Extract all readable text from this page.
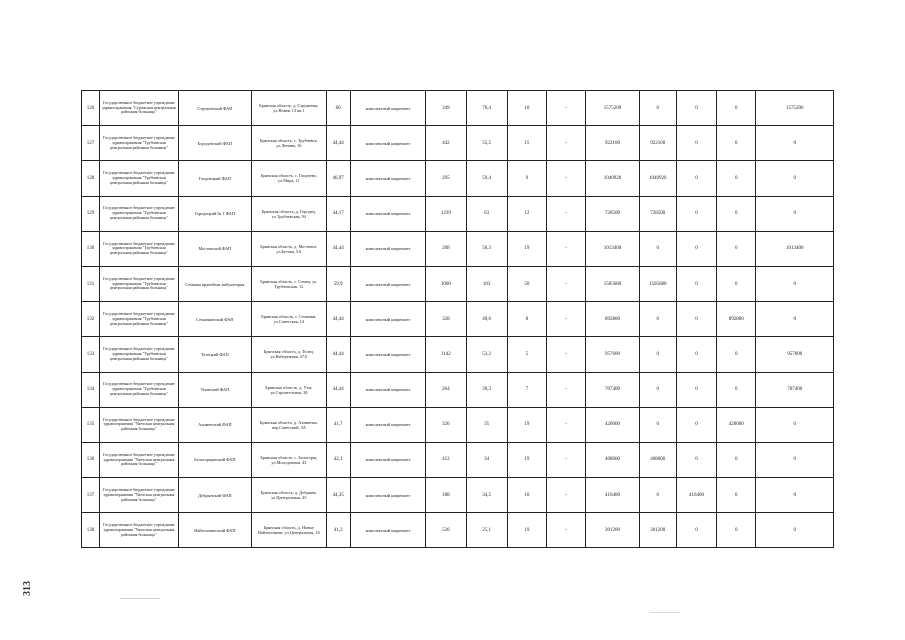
126	Государственное бюджетное учреждение здравоохранения "Суражская центральная районная больница"	Струженский ФАП	Брянская область, д. Струженка, ул.Новая, 13 кв.1	60	комплексный капремонт	349	76,4	10	-	1575200	0	0	0	1575200
127	Государственное бюджетное учреждение здравоохранения "Трубчевская центральная районная больница"	Бороденский ФАП	Брянская область, с. Трубчевск, ул.Ленина, 16	44,44	комплексный капремонт	442	55,5	15	-	922100	922100	0	0	0
128	Государственное бюджетное учреждение здравоохранения "Трубчевская центральная районная больница"	Глоднецкий ФАП	Брянская область, с. Глоднево, ул.Мира, 11	46,97	комплексный капремонт	295	59,4	9	-	1040920	1040920	0	0	0
129	Государственное бюджетное учреждение здравоохранения "Трубчевская центральная районная больница"	Городецкий № 1 ФАП	Брянская область, д. Городец, ул.Трубчевская, 94	44,17	комплексный капремонт	1239	63	12	-	728500	728500	0	0	0
130	Государственное бюджетное учреждение здравоохранения "Трубчевская центральная районная больница"	Мостовский ФАП	Брянская область, д. Мостовое, ул.Бутова, 5А	44,44	комплексный капремонт	208	56,3	19	-	1013400	0	0	0	1013400
131	Государственное бюджетное учреждение здравоохранения "Трубчевская центральная районная больница"	Семячка врачебная амбулатория	Брянская область, с. Семец, ул. Трубчевская, 12	59,9	комплексный капремонт	1000	103	50	-	1505680	1505680	0	0	0
132	Государственное бюджетное учреждение здравоохранения "Трубчевская центральная районная больница"	Семячкинский ФАП	Брянская область, с. Семячки, ул.Советская, 14	44,44	комплексный капремонт	328	49,6	8	-	892800	0	0	892800	0
133	Государственное бюджетное учреждение здравоохранения "Трубчевская центральная районная больница"	Телецкий ФАП	Брянская область, д. Телец, ул.Набережная, 27А	44,44	комплексный капремонт	1142	53,2	5	-	957600	0	0	0	957600
134	Государственное бюджетное учреждение здравоохранения "Трубчевская центральная районная больница"	Упинский ФАП	Брянская область, д. Уты, ул.Строительная, 38	44,44	комплексный капремонт	264	39,3	7	-	707400	0	0	0	707400
135	Государственное бюджетное учреждение здравоохранения "Унечская центральная районная больница"	Ахименский ФАП	Брянская область, д. Ахименка, пер.Советский, 3А	41,7	комплексный капремонт	326	35	19	-	420000	0	0	420000	0
136	Государственное бюджетное учреждение здравоохранения "Унечская центральная районная больница"	Белогорщанский ФАП	Брянская область, с. Белогорщ, ул.Молодежная, 43	42,1	комплексный капремонт	412	34	19	-	408000	408000	0	0	0
137	Государственное бюджетное учреждение здравоохранения "Унечская центральная районная больница"	Добрынский ФАП	Брянская область, д. Добрынь, ул.Центральная, 45	44,35	комплексный капремонт	188	34,5	10	-	416400	0	416400	0	0
138	Государственное бюджетное учреждение здравоохранения "Унечская центральная районная больница"	Найтоповичский ФАП	Брянская область, д. Новые Найтоповичи, ул.Центральная, 16	41,2	комплексный капремонт	526	25,1	19	-	301200	301200	0	0	0
313
